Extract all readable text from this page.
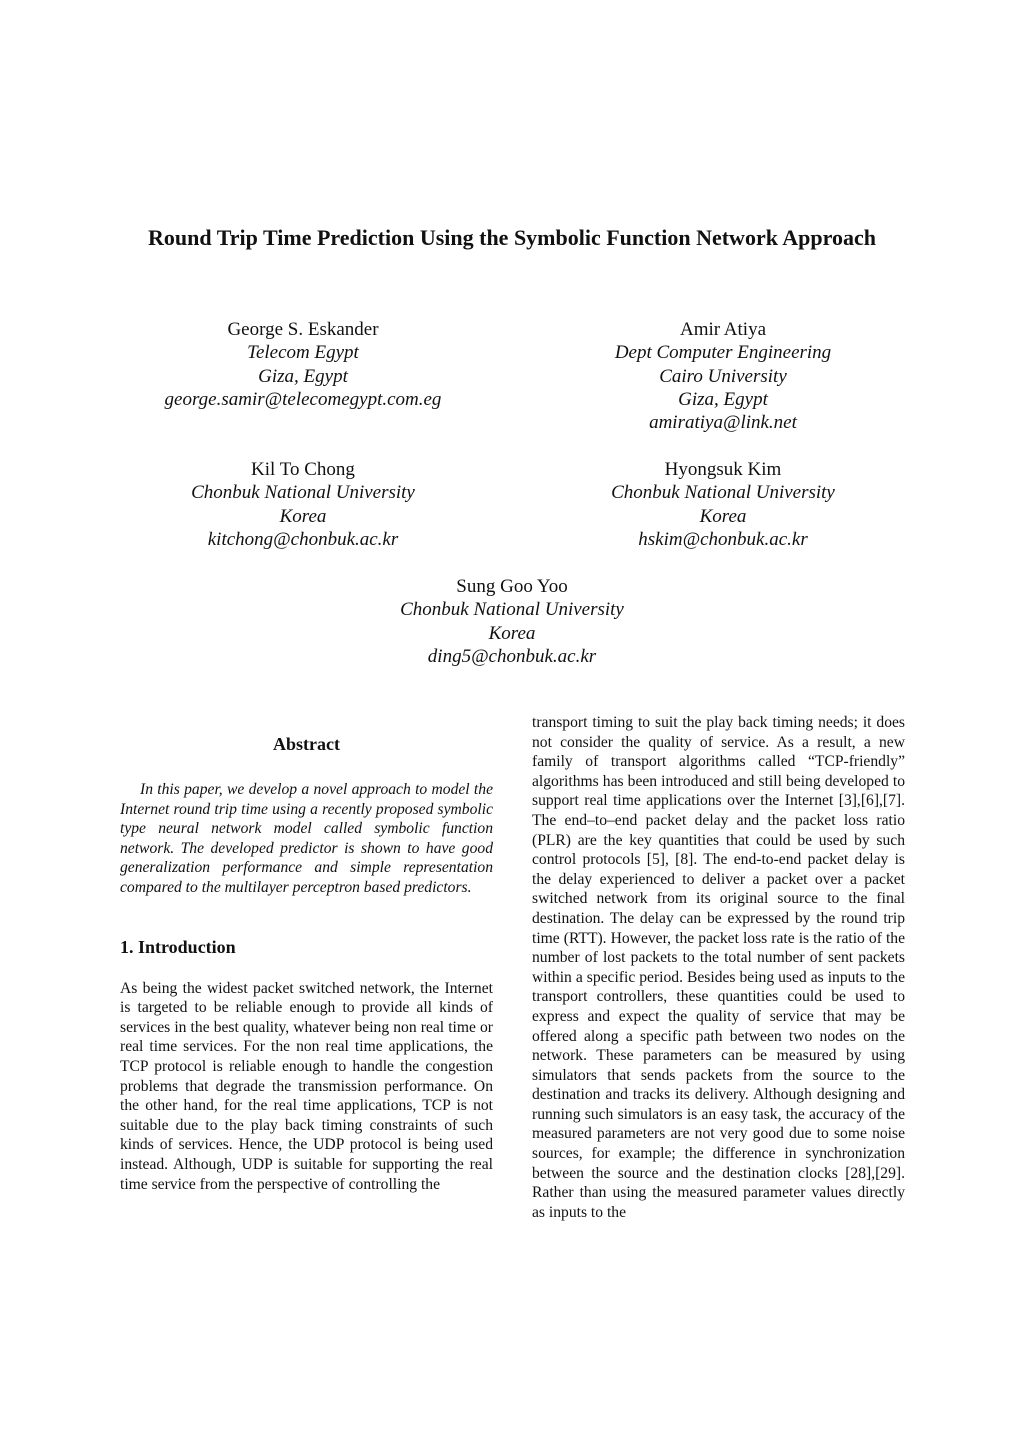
Round Trip Time Prediction Using the Symbolic Function Network Approach
George S. Eskander
Telecom Egypt
Giza, Egypt
george.samir@telecomegypt.com.eg
Amir Atiya
Dept Computer Engineering
Cairo University
Giza, Egypt
amiratiya@link.net
Kil To Chong
Chonbuk National University
Korea
kitchong@chonbuk.ac.kr
Hyongsuk Kim
Chonbuk National University
Korea
hskim@chonbuk.ac.kr
Sung Goo Yoo
Chonbuk National University
Korea
ding5@chonbuk.ac.kr
Abstract

In this paper, we develop a novel approach to model the Internet round trip time using a recently proposed symbolic type neural network model called symbolic function network. The developed predictor is shown to have good generalization performance and simple representation compared to the multilayer perceptron based predictors.

1. Introduction

As being the widest packet switched network, the Internet is targeted to be reliable enough to provide all kinds of services in the best quality, whatever being non real time or real time services. For the non real time applications, the TCP protocol is reliable enough to handle the congestion problems that degrade the transmission performance. On the other hand, for the real time applications, TCP is not suitable due to the play back timing constraints of such kinds of services. Hence, the UDP protocol is being used instead. Although, UDP is suitable for supporting the real time service from the perspective of controlling the

transport timing to suit the play back timing needs; it does not consider the quality of service. As a result, a new family of transport algorithms called “TCP-friendly” algorithms has been introduced and still being developed to support real time applications over the Internet [3],[6],[7]. The end–to–end packet delay and the packet loss ratio (PLR) are the key quantities that could be used by such control protocols [5], [8]. The end-to-end packet delay is the delay experienced to deliver a packet over a packet switched network from its original source to the final destination. The delay can be expressed by the round trip time (RTT). However, the packet loss rate is the ratio of the number of lost packets to the total number of sent packets within a specific period. Besides being used as inputs to the transport controllers, these quantities could be used to express and expect the quality of service that may be offered along a specific path between two nodes on the network. These parameters can be measured by using simulators that sends packets from the source to the destination and tracks its delivery. Although designing and running such simulators is an easy task, the accuracy of the measured parameters are not very good due to some noise sources, for example; the difference in synchronization between the source and the destination clocks [28],[29]. Rather than using the measured parameter values directly as inputs to the
